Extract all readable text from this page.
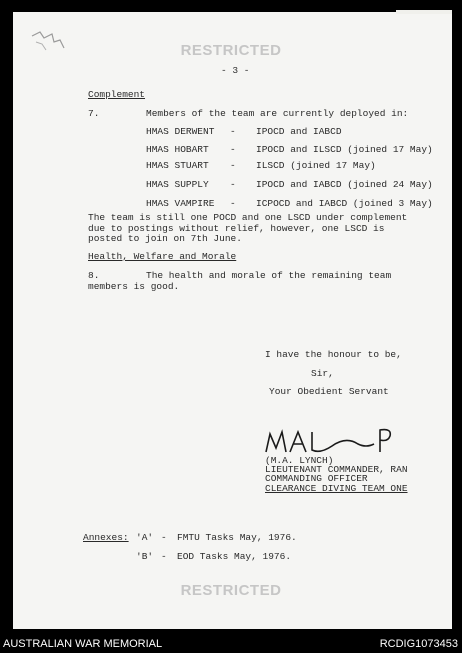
RESTRICTED
- 3 -
Complement
7.	Members of the team are currently deployed in:
HMAS DERWENT - IPOCD and IABCD
HMAS HOBART - IPOCD and ILSCD (joined 17 May)
HMAS STUART - ILSCD (joined 17 May)
HMAS SUPPLY - IPOCD and IABCD (joined 24 May)
HMAS VAMPIRE - ICPOCD and IABCD (joined 3 May)
The team is still one POCD and one LSCD under complement due to postings without relief, however, one LSCD is posted to join on 7th June.
Health, Welfare and Morale
8.	The health and morale of the remaining team members is good.
I have the honour to be,
Sir,
Your Obedient Servant
(M.A. LYNCH)
LIEUTENANT COMMANDER, RAN
COMMANDING OFFICER
CLEARANCE DIVING TEAM ONE
Annexes: 'A' - FMTU Tasks May, 1976.
'B' - EOD Tasks May, 1976.
RESTRICTED
AUSTRALIAN WAR MEMORIAL	RCDIG1073453
